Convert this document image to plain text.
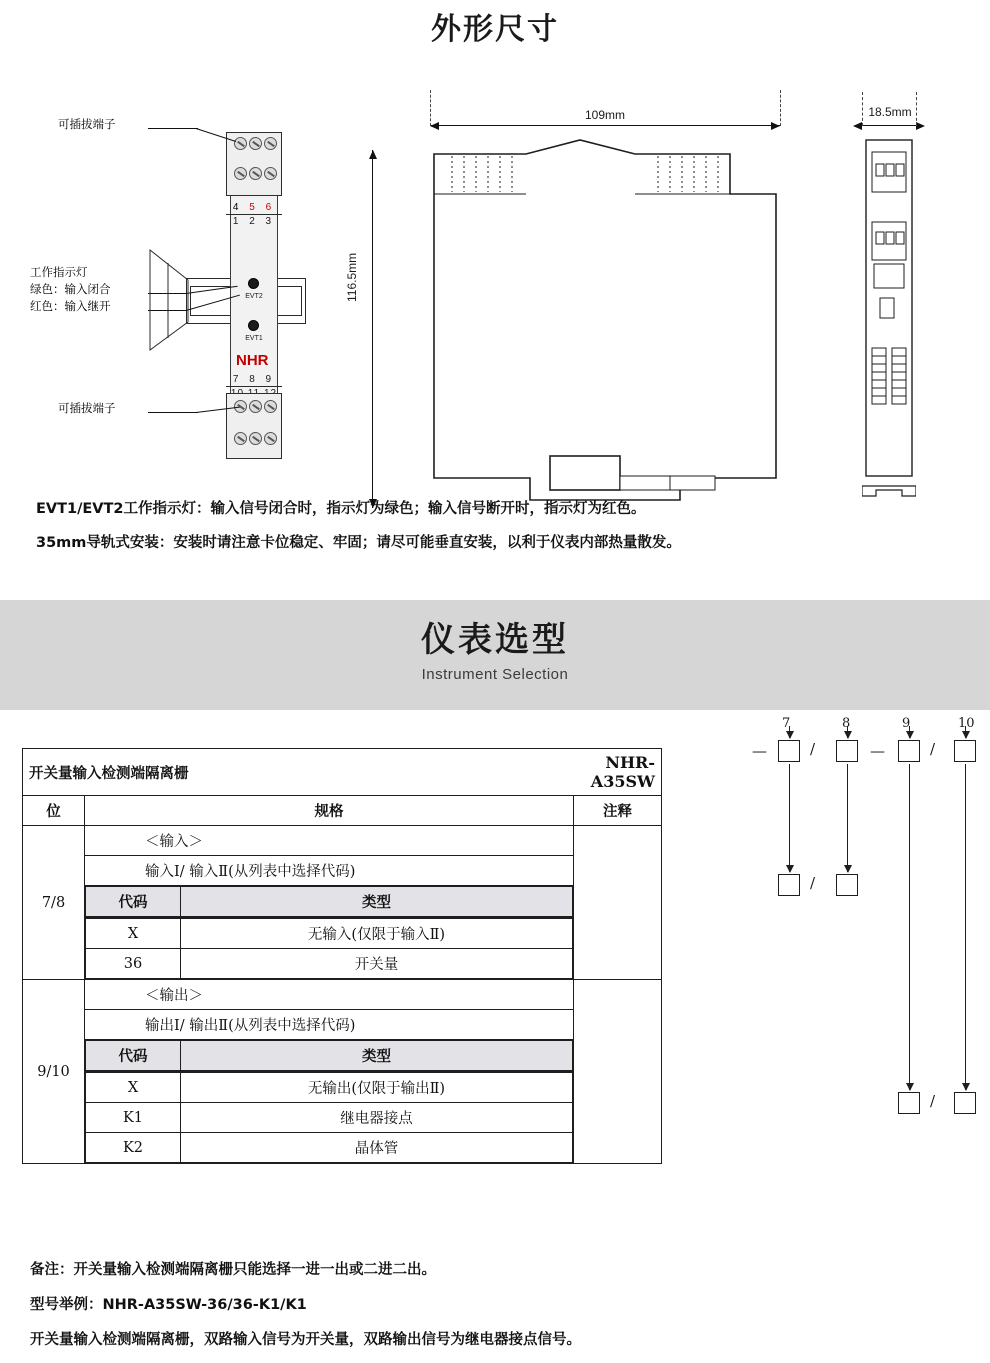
外形尺寸
4 5 6
1 2 3
EVT2
EVT1
NHR
7 8 9
可插拔端子
工作指示灯
绿色：输入闭合
红色：输入继开
可插拔端子
109mm
116.5mm
18.5mm
EVT1/EVT2工作指示灯：输入信号闭合时，指示灯为绿色；输入信号断开时，指示灯为红色。
35mm导轨式安装：安装时请注意卡位稳定、牢固；请尽可能垂直安装，以利于仪表内部热量散发。
仪表选型
Instrument Selection
开关量输入检测端隔离栅	NHR-A35SW
位	规格	注释
7/8	＜输入＞	
输入Ⅰ/ 输入Ⅱ(从列表中选择代码)

代码	类型

X	无输入(仅限于输入Ⅱ)
36	开关量

9/10	＜输出＞	
输出Ⅰ/ 输出Ⅱ(从列表中选择代码)

代码	类型

X	无输出(仅限于输出Ⅱ)
K1	继电器接点
K2	晶体管
7	8	9	10
—	/	—	/
/
/
备注：开关量输入检测端隔离栅只能选择一进一出或二进二出。
型号举例：NHR-A35SW-36/36-K1/K1
开关量输入检测端隔离栅，双路输入信号为开关量，双路输出信号为继电器接点信号。
